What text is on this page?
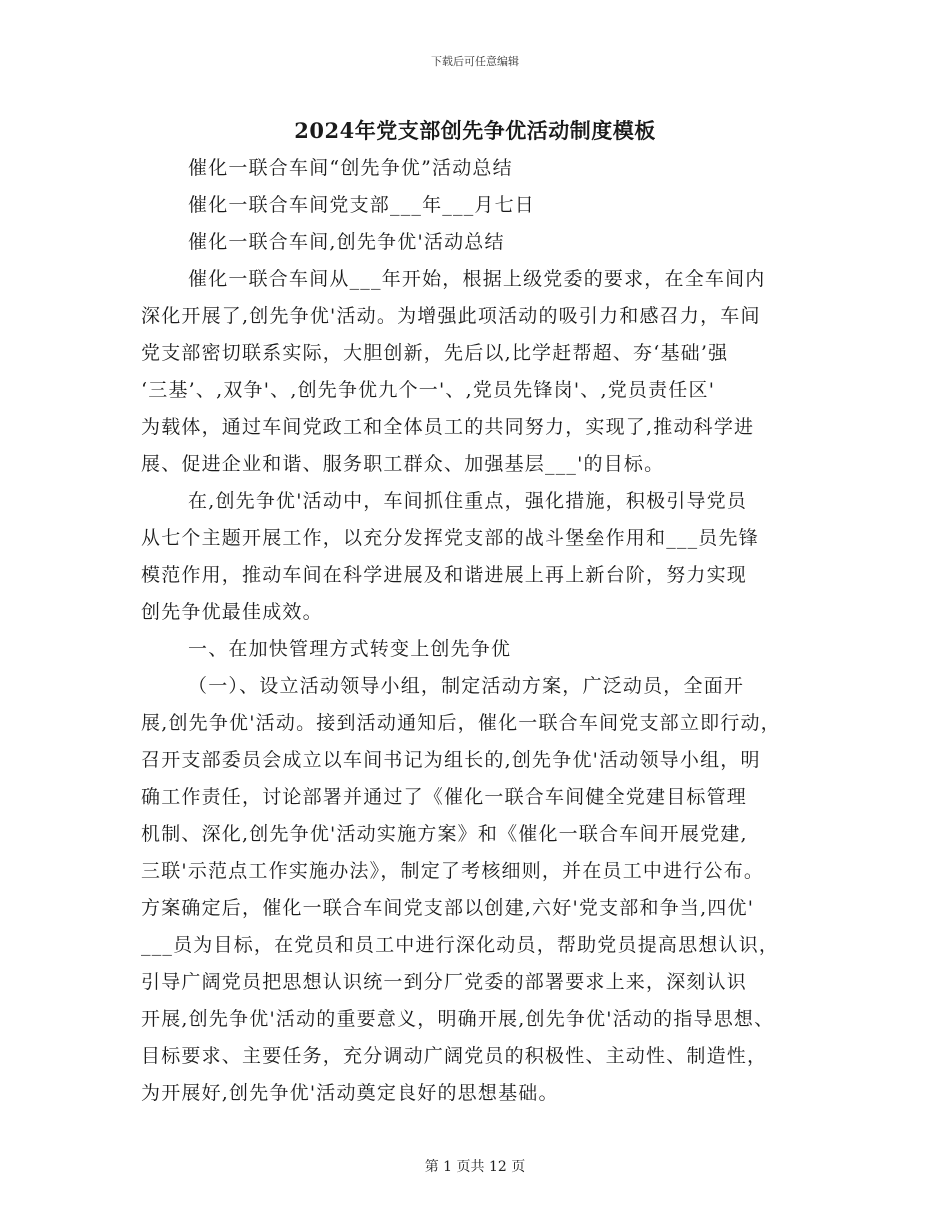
下载后可任意编辑
2024年党支部创先争优活动制度模板
催化一联合车间“创先争优”活动总结
催化一联合车间党支部___年___月七日
催化一联合车间,创先争优'活动总结
催化一联合车间从___年开始，根据上级党委的要求，在全车间内
深化开展了,创先争优'活动。为增强此项活动的吸引力和感召力，车间
党支部密切联系实际，大胆创新，先后以,比学赶帮超、夯‘基础’强
‘三基’、,双争'、,创先争优九个一'、,党员先锋岗'、,党员责任区'
为载体，通过车间党政工和全体员工的共同努力，实现了,推动科学进
展、促进企业和谐、服务职工群众、加强基层___'的目标。
在,创先争优'活动中，车间抓住重点，强化措施，积极引导党员
从七个主题开展工作，以充分发挥党支部的战斗堡垒作用和___员先锋
模范作用，推动车间在科学进展及和谐进展上再上新台阶，努力实现
创先争优最佳成效。
一、在加快管理方式转变上创先争优
（一）、设立活动领导小组，制定活动方案，广泛动员，全面开
展,创先争优'活动。接到活动通知后，催化一联合车间党支部立即行动，
召开支部委员会成立以车间书记为组长的,创先争优'活动领导小组，明
确工作责任，讨论部署并通过了《催化一联合车间健全党建目标管理
机制、深化,创先争优'活动实施方案》和《催化一联合车间开展党建,
三联'示范点工作实施办法》，制定了考核细则，并在员工中进行公布。
方案确定后，催化一联合车间党支部以创建,六好'党支部和争当,四优'
___员为目标，在党员和员工中进行深化动员，帮助党员提高思想认识，
引导广阔党员把思想认识统一到分厂党委的部署要求上来，深刻认识
开展,创先争优'活动的重要意义，明确开展,创先争优'活动的指导思想、
目标要求、主要任务，充分调动广阔党员的积极性、主动性、制造性，
为开展好,创先争优'活动奠定良好的思想基础。
第 1 页共 12 页
